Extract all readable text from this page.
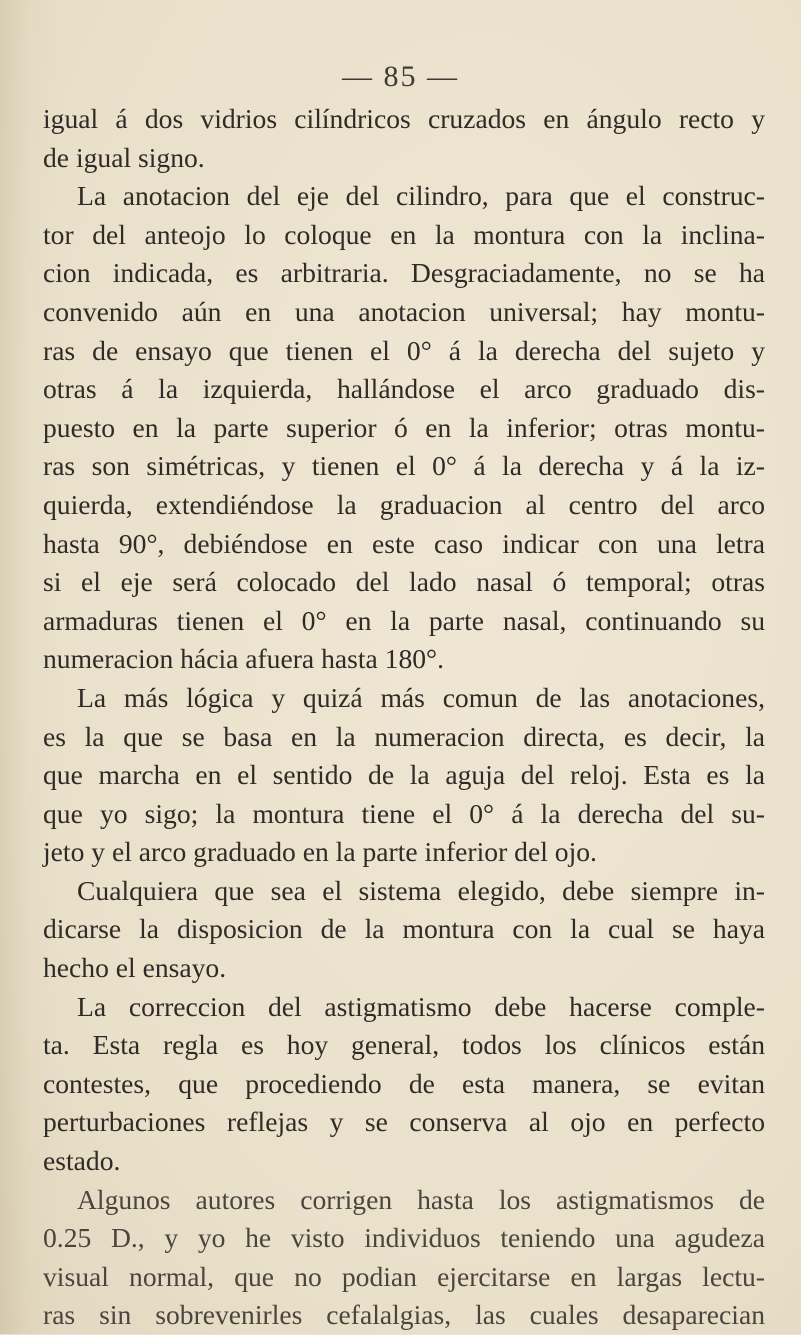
— 85 —
igual á dos vidrios cilíndricos cruzados en ángulo recto y
de igual signo.
La anotacion del eje del cilindro, para que el construc-
tor del anteojo lo coloque en la montura con la inclina-
cion indicada, es arbitraria. Desgraciadamente, no se ha
convenido aún en una anotacion universal; hay montu-
ras de ensayo que tienen el 0° á la derecha del sujeto y
otras á la izquierda, hallándose el arco graduado dis-
puesto en la parte superior ó en la inferior; otras montu-
ras son simétricas, y tienen el 0° á la derecha y á la iz-
quierda, extendiéndose la graduacion al centro del arco
hasta 90°, debiéndose en este caso indicar con una letra
si el eje será colocado del lado nasal ó temporal; otras
armaduras tienen el 0° en la parte nasal, continuando su
numeracion hácia afuera hasta 180°.
La más lógica y quizá más comun de las anotaciones,
es la que se basa en la numeracion directa, es decir, la
que marcha en el sentido de la aguja del reloj. Esta es la
que yo sigo; la montura tiene el 0° á la derecha del su-
jeto y el arco graduado en la parte inferior del ojo.
Cualquiera que sea el sistema elegido, debe siempre in-
dicarse la disposicion de la montura con la cual se haya
hecho el ensayo.
La correccion del astigmatismo debe hacerse comple-
ta. Esta regla es hoy general, todos los clínicos están
contestes, que procediendo de esta manera, se evitan
perturbaciones reflejas y se conserva al ojo en perfecto
estado.
Algunos autores corrigen hasta los astigmatismos de
0.25 D., y yo he visto individuos teniendo una agudeza
visual normal, que no podian ejercitarse en largas lectu-
ras sin sobrevenirles cefalalgias, las cuales desaparecian
